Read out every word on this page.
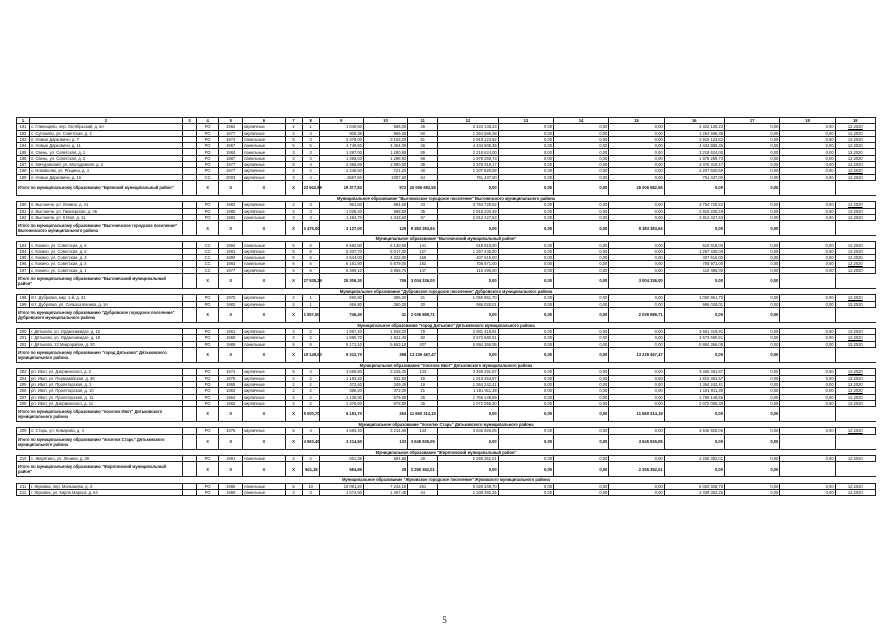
1	2	3	4	5	6	7	8	9	10	11	12	13	14	15	16	17	18	19
181	с. Глинищево, пер. Октябрьский, д. 6А		РО	1962	кирпичные	2	1	1 040,60	586,00	45	2 422 146,23	0,00	0,00	0,00	2 422 146,23	0,00	0,00	12.2020
182	с. Супонево, ул. Советская, д. 4		РО	1977	кирпичные	2	3	906,38	865,60	60	1 264 596,38	0,00	0,00	0,00	1 264 596,38	0,00	0,00	12.2020
183	п. Новые Дарковичи, д. 7		РО	1974	панельные	5	3	3 379,00	3 153,20	51	2 919 123,82	0,00	0,00	0,00	2 919 123,82	0,00	0,00	12.2020
184	п. Новые Дарковичи, д. 11		РО	1967	панельные	5	5	4 749,50	4 454,00	36	4 434 905,36	0,00	0,00	0,00	4 434 905,36	0,00	0,00	12.2020
185	п. Свень, ул. Советская, д. 1		РО	1984	панельные	3	3	1 397,00	1 280,90	55	2 218 624,00	0,00	0,00	0,00	2 218 624,00	0,00	0,00	12.2020
186	п. Свень, ул. Советская, д. 2		РО	1987	панельные	3	3	1 355,03	1 286,92	68	1 978 259,73	0,00	0,00	0,00	1 978 259,73	0,00	0,00	12.2020
187	п. Мичуринский, ул. Молодежная, д. 2		РО	1977	кирпичные	5	4	4 365,88	2 880,50	39	3 376 319,17	0,00	0,00	0,00	3 376 319,17	0,00	0,00	12.2020
188	с. Нововолки, ул. Рощина, д. 4		РО	1977	кирпичные	2	2	1 246,50	721,20	40	2 207 820,69	0,00	0,00	0,00	2 207 820,69	0,00	0,00	12.2020
189	п. Новые Дарковичи, д. 16		СС	2003	кирпичные	3	4	2687,60	2387,60	64	751 437,00	0,00	0,00	0,00	751 437,00	0,00	0,00	12.2020
Итого по муниципальному образованию "Брянский муниципальный район"			X	X	X	X	23 842,89	19 377,83	572	25 006 682,55	0,00	0,00	0,00	25 006 682,55	0,00	0,00		
Муниципальное образование "Выгоничское городское поселение" Выгоничского муниципального района																		
190	п. Выгоничи, ул. Ленина, д. 41		РО	1982	кирпичные	2	3	961,50	884,50	33	3 754 725,52	0,00	0,00	0,00	3 754 725,52	0,00	0,00	12.2020
191	п. Выгоничи, ул. Пионерская, д. 45		РО	1980	кирпичные	2	3	1 028,40	898,50	35	2 816 230,49	0,00	0,00	0,00	2 816 230,49	0,00	0,00	12.2020
192	п. Выгоничи, ул. 9 Мая, д. 11		РО	1982	панельные	3	3	1 484,70	1 343,60	57	2 812 427,63	0,00	0,00	0,00	2 812 427,63	0,00	0,00	12.2020
Итого по муниципальному образованию "Выгоничское городское поселение" Выгоничского муниципального района			X	X	X	X	3 475,00	3 127,00	125	9 383 383,64	0,00	0,00	0,00	9 383 383,64	0,00	0,00		
Муниципальное образование "Выгоничский муниципальный район"																		
193	с. Кокино, ул. Советская, д. 5		СС	1994	панельные	5	6	6 592,80	6 130,80	141	519 818,00	0,00	0,00	0,00	519 818,00	0,00	0,00	12.2020
194	с. Кокино, ул. Советская, д. 2		СС	1991	кирпичные	5	6	5 337,70	5 017,30	127	1 257 435,00	0,00	0,00	0,00	1 257 435,00	0,00	0,00	12.2020
195	с. Кокино, ул. Советская, д. 3		СС	1990	панельные	5	6	4 544,00	4 322,80	158	407 616,00	0,00	0,00	0,00	407 616,00	0,00	0,00	12.2020
196	с. Кокино, ул. Советская, д. 4		СС	1993	панельные	5	6	6 151,80	5 879,00	182	708 971,00	0,00	0,00	0,00	708 971,00	0,00	0,00	12.2020
197	с. Кокино, ул. Советская, д. 1		СС	1977	кирпичные	5	6	5 309,10	3 956,70	147	110 496,00	0,00	0,00	0,00	110 496,00	0,00	0,00	12.2020
Итого по муниципальному образованию "Выгоничский муниципальный район"			X	X	X	X	27 935,29	25 306,30	755	3 004 336,00	0,00	0,00	0,00	3 004 336,00	0,00	0,00		
Муниципальное образование "Дубровское городское поселение" Дубровского муниципального района																		
198	пгт. Дубровка, мкр. 1-й, д. 42		РО	1970	кирпичные	2	1	590,80	386,20	21	1 050 961,70	0,00	0,00	0,00	1 050 961,70	0,00	0,00	12.2020
199	пгт. Дубровка, ул. Сельхозтехника, д. 1А		РО	1982	кирпичные	2	1	466,80	360,20	20	986 028,01	0,00	0,00	0,00	986 028,01	0,00	0,00	12.2020
Итого по муниципальному образованию "Дубровское городское поселение" Дубровского муниципального района			X	X	X	X	1 057,60	746,40	41	2 036 989,71	0,00	0,00	0,00	2 036 989,71	0,00	0,00		
Муниципальное образование "город Дятьково" Дятьковского муниципального района																		
200	г. Дятьково, ул. Орджоникидзе, д. 15		РО	1961	кирпичные	3	2	1 967,20	1 828,20	79	3 681 419,91	0,00	0,00	0,00	3 681 419,91	0,00	0,00	12.2020
201	г. Дятьково, ул. Орджоникидзе, д. 18		РО	1965	кирпичные	3	2	1 990,70	1 821,40	82	3 673 680,51	0,00	0,00	0,00	3 673 680,51	0,00	0,00	12.2020
202	г. Дятьково, 13 Микрорайон, д. 30		РО	1989	панельные	5	8	6 171,10	5 663,10	207	5 884 366,05	0,00	0,00	0,00	5 884 366,05	0,00	0,00	12.2020
Итого по муниципальному образованию "город Дятьково" Дятьковского муниципального района			X	X	X	X	10 149,00	9 312,70	368	13 239 467,47	0,00	0,00	0,00	13 239 467,47	0,00	0,00		
Муниципальное образование "поселок Ивот" Дятьковского муниципального района																		
203	рп. Ивот, ул. Дзержинского, д. 2		РО	1974	кирпичные	5	4	4 665,80	3 226,30	133	3 465 491,87	0,00	0,00	0,00	3 465 491,87	0,00	0,00	12.2020
204	рп. Ивот, ул. Первомайская, д. 36		РО	1975	кирпичные	2	2	1 183,40	932,50	20	1 810 463,67	0,00	0,00	0,00	1 810 463,67	0,00	0,00	12.2020
205	рп. Ивот, ул. Пролетарская, д. 2		РО	1955	кирпичные	2	2	372,40	349,40	19	1 364 242,41	0,00	0,00	0,00	1 364 242,41	0,00	0,00	12.2020
206	рп. Ивот, ул. Пролетарская, д. 10		РО	1953	кирпичные	2	2	386,20	372,00	21	1 181 911,39	0,00	0,00	0,00	1 181 911,39	0,00	0,00	12.2020
207	рп. Ивот, ул. Пролетарская, д. 11		РО	1964	кирпичные	2	2	1 135,90	579,80	25	1 766 149,55	0,00	0,00	0,00	1 766 149,55	0,00	0,00	12.2020
208	рп. Ивот, ул. Дзержинского, д. 11		РО	1962	кирпичные	2	2	1 376,00	978,80	45	2 072 055,30	0,00	0,00	0,00	2 072 055,30	0,00	0,00	12.2020
Итого по муниципальному образованию "поселок Ивот" Дятьковского муниципального района			X	X	X	X	9 000,70	6 191,70	264	11 660 314,19	0,00	0,00	0,00	11 660 314,19	0,00	0,00		
Муниципальное образование "поселок Старь" Дятьковского муниципального района																		
209	п. Старь, ул. Комарова, д. 4		РО	1975	кирпичные	5	4	4 593,40	3 214,60	133	3 645 926,05	0,00	0,00	0,00	3 645 926,05	0,00	0,00	12.2020
Итого по муниципальному образованию "поселок Старь" Дятьковского муниципального района			X	X	X	X	4 593,40	3 214,60	133	3 645 926,05	0,00	0,00	0,00	3 645 926,05	0,00	0,00		
Муниципальное образование "Жирятинский муниципальный район"																		
210	с. Жирятино, ул. Ленина, д. 39		РО	1991	панельные	2	2	661,36	584,96	29	2 255 352,01	0,00	0,00	0,00	2 255 352,01	0,00	0,00	12.2020
Итого по муниципальному образованию "Жирятинский муниципальный район"			X	X	X	X	661,36	584,96	29	2 255 352,01	0,00	0,00	0,00	2 255 352,01	0,00	0,00		
Муниципальное образование "Жуковское городское поселение" Жуковского муниципального района																		
211	г. Жуковка, пер. Малышева, д. 3		РО	1986	панельные	5	10	10 091,20	7 242,10	251	6 020 348,70	0,00	0,00	0,00	6 020 348,70	0,00	0,00	12.2020
212	г. Жуковка, ул. Карла Маркса, д. 64		РО	1989	панельные	3	3	1 574,50	1 497,40	44	2 338 382,25	0,00	0,00	0,00	2 338 382,25	0,00	0,00	12.2020
5
